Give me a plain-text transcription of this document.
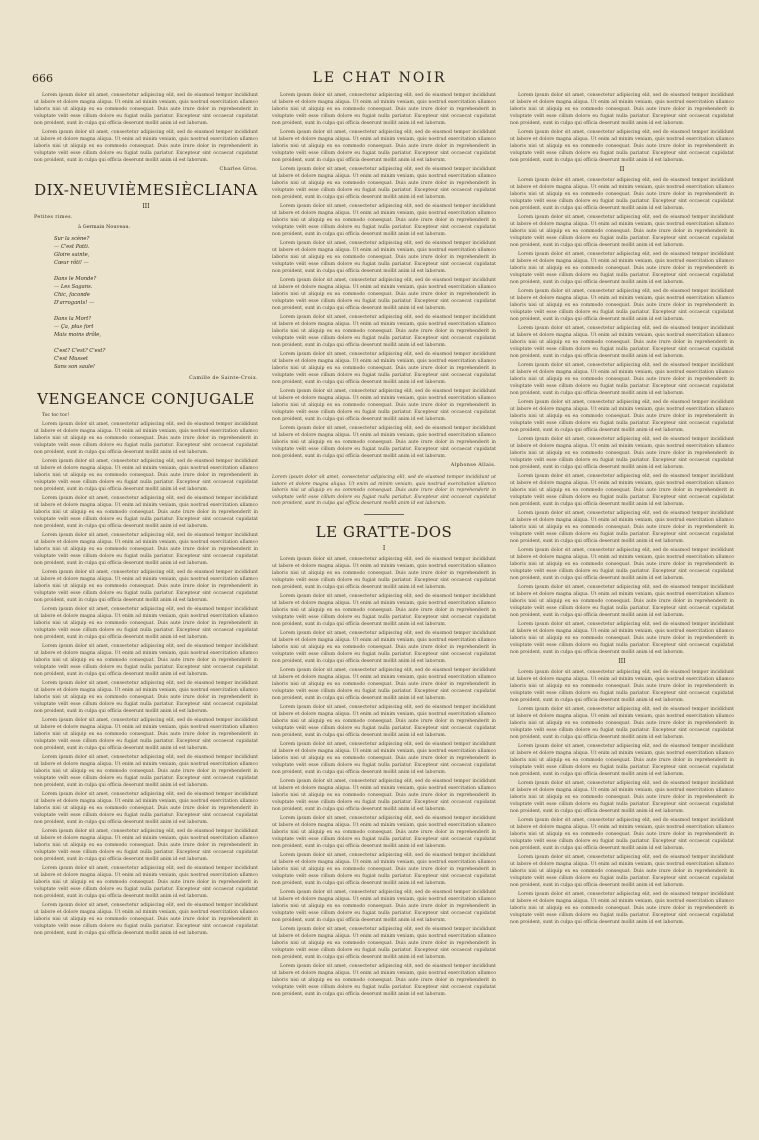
666	LE CHAT NOIR

Lorem ipsum dolor sit amet, consectetur adipiscing elit, sed do eiusmod tempor incididunt ut labore et dolore magna aliqua. Ut enim ad minim veniam, quis nostrud exercitation ullamco laboris nisi ut aliquip ex ea commodo consequat. Duis aute irure dolor in reprehenderit in voluptate velit esse cillum dolore eu fugiat nulla pariatur. Excepteur sint occaecat cupidatat non proident, sunt in culpa qui officia deserunt mollit anim id est laborum.

Lorem ipsum dolor sit amet, consectetur adipiscing elit, sed do eiusmod tempor incididunt ut labore et dolore magna aliqua. Ut enim ad minim veniam, quis nostrud exercitation ullamco laboris nisi ut aliquip ex ea commodo consequat. Duis aute irure dolor in reprehenderit in voluptate velit esse cillum dolore eu fugiat nulla pariatur. Excepteur sint occaecat cupidatat non proident, sunt in culpa qui officia deserunt mollit anim id est laborum.

Charles Gros.
DIX-NEUVIÈMESIÈCLIANA
III
Petites rimes.
à Germain Nouveau.
Sur la scène?
— C'est Patti.
Gloire sainte,
Cœur rôti! —

Dans le Monde?
— Les Sagans.
Chic, faconde
D'arrogants! —

Dans la Mort?
— Ça, plus fort
Mais moins drôle,

C'est? C'est? C'est?
C'est Musset
Sans son saule!
Camille de Sainte-Croix.
VENGEANCE CONJUGALE

Toc toc toc!

Lorem ipsum dolor sit amet, consectetur adipiscing elit, sed do eiusmod tempor incididunt ut labore et dolore magna aliqua. Ut enim ad minim veniam, quis nostrud exercitation ullamco laboris nisi ut aliquip ex ea commodo consequat. Duis aute irure dolor in reprehenderit in voluptate velit esse cillum dolore eu fugiat nulla pariatur. Excepteur sint occaecat cupidatat non proident, sunt in culpa qui officia deserunt mollit anim id est laborum.

Lorem ipsum dolor sit amet, consectetur adipiscing elit, sed do eiusmod tempor incididunt ut labore et dolore magna aliqua. Ut enim ad minim veniam, quis nostrud exercitation ullamco laboris nisi ut aliquip ex ea commodo consequat. Duis aute irure dolor in reprehenderit in voluptate velit esse cillum dolore eu fugiat nulla pariatur. Excepteur sint occaecat cupidatat non proident, sunt in culpa qui officia deserunt mollit anim id est laborum.

Lorem ipsum dolor sit amet, consectetur adipiscing elit, sed do eiusmod tempor incididunt ut labore et dolore magna aliqua. Ut enim ad minim veniam, quis nostrud exercitation ullamco laboris nisi ut aliquip ex ea commodo consequat. Duis aute irure dolor in reprehenderit in voluptate velit esse cillum dolore eu fugiat nulla pariatur. Excepteur sint occaecat cupidatat non proident, sunt in culpa qui officia deserunt mollit anim id est laborum.

Lorem ipsum dolor sit amet, consectetur adipiscing elit, sed do eiusmod tempor incididunt ut labore et dolore magna aliqua. Ut enim ad minim veniam, quis nostrud exercitation ullamco laboris nisi ut aliquip ex ea commodo consequat. Duis aute irure dolor in reprehenderit in voluptate velit esse cillum dolore eu fugiat nulla pariatur. Excepteur sint occaecat cupidatat non proident, sunt in culpa qui officia deserunt mollit anim id est laborum.

Lorem ipsum dolor sit amet, consectetur adipiscing elit, sed do eiusmod tempor incididunt ut labore et dolore magna aliqua. Ut enim ad minim veniam, quis nostrud exercitation ullamco laboris nisi ut aliquip ex ea commodo consequat. Duis aute irure dolor in reprehenderit in voluptate velit esse cillum dolore eu fugiat nulla pariatur. Excepteur sint occaecat cupidatat non proident, sunt in culpa qui officia deserunt mollit anim id est laborum.

Lorem ipsum dolor sit amet, consectetur adipiscing elit, sed do eiusmod tempor incididunt ut labore et dolore magna aliqua. Ut enim ad minim veniam, quis nostrud exercitation ullamco laboris nisi ut aliquip ex ea commodo consequat. Duis aute irure dolor in reprehenderit in voluptate velit esse cillum dolore eu fugiat nulla pariatur. Excepteur sint occaecat cupidatat non proident, sunt in culpa qui officia deserunt mollit anim id est laborum.

Lorem ipsum dolor sit amet, consectetur adipiscing elit, sed do eiusmod tempor incididunt ut labore et dolore magna aliqua. Ut enim ad minim veniam, quis nostrud exercitation ullamco laboris nisi ut aliquip ex ea commodo consequat. Duis aute irure dolor in reprehenderit in voluptate velit esse cillum dolore eu fugiat nulla pariatur. Excepteur sint occaecat cupidatat non proident, sunt in culpa qui officia deserunt mollit anim id est laborum.

Lorem ipsum dolor sit amet, consectetur adipiscing elit, sed do eiusmod tempor incididunt ut labore et dolore magna aliqua. Ut enim ad minim veniam, quis nostrud exercitation ullamco laboris nisi ut aliquip ex ea commodo consequat. Duis aute irure dolor in reprehenderit in voluptate velit esse cillum dolore eu fugiat nulla pariatur. Excepteur sint occaecat cupidatat non proident, sunt in culpa qui officia deserunt mollit anim id est laborum.

Lorem ipsum dolor sit amet, consectetur adipiscing elit, sed do eiusmod tempor incididunt ut labore et dolore magna aliqua. Ut enim ad minim veniam, quis nostrud exercitation ullamco laboris nisi ut aliquip ex ea commodo consequat. Duis aute irure dolor in reprehenderit in voluptate velit esse cillum dolore eu fugiat nulla pariatur. Excepteur sint occaecat cupidatat non proident, sunt in culpa qui officia deserunt mollit anim id est laborum.

Lorem ipsum dolor sit amet, consectetur adipiscing elit, sed do eiusmod tempor incididunt ut labore et dolore magna aliqua. Ut enim ad minim veniam, quis nostrud exercitation ullamco laboris nisi ut aliquip ex ea commodo consequat. Duis aute irure dolor in reprehenderit in voluptate velit esse cillum dolore eu fugiat nulla pariatur. Excepteur sint occaecat cupidatat non proident, sunt in culpa qui officia deserunt mollit anim id est laborum.

Lorem ipsum dolor sit amet, consectetur adipiscing elit, sed do eiusmod tempor incididunt ut labore et dolore magna aliqua. Ut enim ad minim veniam, quis nostrud exercitation ullamco laboris nisi ut aliquip ex ea commodo consequat. Duis aute irure dolor in reprehenderit in voluptate velit esse cillum dolore eu fugiat nulla pariatur. Excepteur sint occaecat cupidatat non proident, sunt in culpa qui officia deserunt mollit anim id est laborum.

Lorem ipsum dolor sit amet, consectetur adipiscing elit, sed do eiusmod tempor incididunt ut labore et dolore magna aliqua. Ut enim ad minim veniam, quis nostrud exercitation ullamco laboris nisi ut aliquip ex ea commodo consequat. Duis aute irure dolor in reprehenderit in voluptate velit esse cillum dolore eu fugiat nulla pariatur. Excepteur sint occaecat cupidatat non proident, sunt in culpa qui officia deserunt mollit anim id est laborum.

Lorem ipsum dolor sit amet, consectetur adipiscing elit, sed do eiusmod tempor incididunt ut labore et dolore magna aliqua. Ut enim ad minim veniam, quis nostrud exercitation ullamco laboris nisi ut aliquip ex ea commodo consequat. Duis aute irure dolor in reprehenderit in voluptate velit esse cillum dolore eu fugiat nulla pariatur. Excepteur sint occaecat cupidatat non proident, sunt in culpa qui officia deserunt mollit anim id est laborum.

Lorem ipsum dolor sit amet, consectetur adipiscing elit, sed do eiusmod tempor incididunt ut labore et dolore magna aliqua. Ut enim ad minim veniam, quis nostrud exercitation ullamco laboris nisi ut aliquip ex ea commodo consequat. Duis aute irure dolor in reprehenderit in voluptate velit esse cillum dolore eu fugiat nulla pariatur. Excepteur sint occaecat cupidatat non proident, sunt in culpa qui officia deserunt mollit anim id est laborum.

Lorem ipsum dolor sit amet, consectetur adipiscing elit, sed do eiusmod tempor incididunt ut labore et dolore magna aliqua. Ut enim ad minim veniam, quis nostrud exercitation ullamco laboris nisi ut aliquip ex ea commodo consequat. Duis aute irure dolor in reprehenderit in voluptate velit esse cillum dolore eu fugiat nulla pariatur. Excepteur sint occaecat cupidatat non proident, sunt in culpa qui officia deserunt mollit anim id est laborum.

Lorem ipsum dolor sit amet, consectetur adipiscing elit, sed do eiusmod tempor incididunt ut labore et dolore magna aliqua. Ut enim ad minim veniam, quis nostrud exercitation ullamco laboris nisi ut aliquip ex ea commodo consequat. Duis aute irure dolor in reprehenderit in voluptate velit esse cillum dolore eu fugiat nulla pariatur. Excepteur sint occaecat cupidatat non proident, sunt in culpa qui officia deserunt mollit anim id est laborum.

Lorem ipsum dolor sit amet, consectetur adipiscing elit, sed do eiusmod tempor incididunt ut labore et dolore magna aliqua. Ut enim ad minim veniam, quis nostrud exercitation ullamco laboris nisi ut aliquip ex ea commodo consequat. Duis aute irure dolor in reprehenderit in voluptate velit esse cillum dolore eu fugiat nulla pariatur. Excepteur sint occaecat cupidatat non proident, sunt in culpa qui officia deserunt mollit anim id est laborum.

Lorem ipsum dolor sit amet, consectetur adipiscing elit, sed do eiusmod tempor incididunt ut labore et dolore magna aliqua. Ut enim ad minim veniam, quis nostrud exercitation ullamco laboris nisi ut aliquip ex ea commodo consequat. Duis aute irure dolor in reprehenderit in voluptate velit esse cillum dolore eu fugiat nulla pariatur. Excepteur sint occaecat cupidatat non proident, sunt in culpa qui officia deserunt mollit anim id est laborum.

Lorem ipsum dolor sit amet, consectetur adipiscing elit, sed do eiusmod tempor incididunt ut labore et dolore magna aliqua. Ut enim ad minim veniam, quis nostrud exercitation ullamco laboris nisi ut aliquip ex ea commodo consequat. Duis aute irure dolor in reprehenderit in voluptate velit esse cillum dolore eu fugiat nulla pariatur. Excepteur sint occaecat cupidatat non proident, sunt in culpa qui officia deserunt mollit anim id est laborum.

Lorem ipsum dolor sit amet, consectetur adipiscing elit, sed do eiusmod tempor incididunt ut labore et dolore magna aliqua. Ut enim ad minim veniam, quis nostrud exercitation ullamco laboris nisi ut aliquip ex ea commodo consequat. Duis aute irure dolor in reprehenderit in voluptate velit esse cillum dolore eu fugiat nulla pariatur. Excepteur sint occaecat cupidatat non proident, sunt in culpa qui officia deserunt mollit anim id est laborum.

Lorem ipsum dolor sit amet, consectetur adipiscing elit, sed do eiusmod tempor incididunt ut labore et dolore magna aliqua. Ut enim ad minim veniam, quis nostrud exercitation ullamco laboris nisi ut aliquip ex ea commodo consequat. Duis aute irure dolor in reprehenderit in voluptate velit esse cillum dolore eu fugiat nulla pariatur. Excepteur sint occaecat cupidatat non proident, sunt in culpa qui officia deserunt mollit anim id est laborum.

Lorem ipsum dolor sit amet, consectetur adipiscing elit, sed do eiusmod tempor incididunt ut labore et dolore magna aliqua. Ut enim ad minim veniam, quis nostrud exercitation ullamco laboris nisi ut aliquip ex ea commodo consequat. Duis aute irure dolor in reprehenderit in voluptate velit esse cillum dolore eu fugiat nulla pariatur. Excepteur sint occaecat cupidatat non proident, sunt in culpa qui officia deserunt mollit anim id est laborum.

Lorem ipsum dolor sit amet, consectetur adipiscing elit, sed do eiusmod tempor incididunt ut labore et dolore magna aliqua. Ut enim ad minim veniam, quis nostrud exercitation ullamco laboris nisi ut aliquip ex ea commodo consequat. Duis aute irure dolor in reprehenderit in voluptate velit esse cillum dolore eu fugiat nulla pariatur. Excepteur sint occaecat cupidatat non proident, sunt in culpa qui officia deserunt mollit anim id est laborum.

Lorem ipsum dolor sit amet, consectetur adipiscing elit, sed do eiusmod tempor incididunt ut labore et dolore magna aliqua. Ut enim ad minim veniam, quis nostrud exercitation ullamco laboris nisi ut aliquip ex ea commodo consequat. Duis aute irure dolor in reprehenderit in voluptate velit esse cillum dolore eu fugiat nulla pariatur. Excepteur sint occaecat cupidatat non proident, sunt in culpa qui officia deserunt mollit anim id est laborum.

Alphonse Allais.
Lorem ipsum dolor sit amet, consectetur adipiscing elit, sed do eiusmod tempor incididunt ut labore et dolore magna aliqua. Ut enim ad minim veniam, quis nostrud exercitation ullamco laboris nisi ut aliquip ex ea commodo consequat. Duis aute irure dolor in reprehenderit in voluptate velit esse cillum dolore eu fugiat nulla pariatur. Excepteur sint occaecat cupidatat non proident, sunt in culpa qui officia deserunt mollit anim id est laborum.
LE GRATTE-DOS
I

Lorem ipsum dolor sit amet, consectetur adipiscing elit, sed do eiusmod tempor incididunt ut labore et dolore magna aliqua. Ut enim ad minim veniam, quis nostrud exercitation ullamco laboris nisi ut aliquip ex ea commodo consequat. Duis aute irure dolor in reprehenderit in voluptate velit esse cillum dolore eu fugiat nulla pariatur. Excepteur sint occaecat cupidatat non proident, sunt in culpa qui officia deserunt mollit anim id est laborum.

Lorem ipsum dolor sit amet, consectetur adipiscing elit, sed do eiusmod tempor incididunt ut labore et dolore magna aliqua. Ut enim ad minim veniam, quis nostrud exercitation ullamco laboris nisi ut aliquip ex ea commodo consequat. Duis aute irure dolor in reprehenderit in voluptate velit esse cillum dolore eu fugiat nulla pariatur. Excepteur sint occaecat cupidatat non proident, sunt in culpa qui officia deserunt mollit anim id est laborum.

Lorem ipsum dolor sit amet, consectetur adipiscing elit, sed do eiusmod tempor incididunt ut labore et dolore magna aliqua. Ut enim ad minim veniam, quis nostrud exercitation ullamco laboris nisi ut aliquip ex ea commodo consequat. Duis aute irure dolor in reprehenderit in voluptate velit esse cillum dolore eu fugiat nulla pariatur. Excepteur sint occaecat cupidatat non proident, sunt in culpa qui officia deserunt mollit anim id est laborum.

Lorem ipsum dolor sit amet, consectetur adipiscing elit, sed do eiusmod tempor incididunt ut labore et dolore magna aliqua. Ut enim ad minim veniam, quis nostrud exercitation ullamco laboris nisi ut aliquip ex ea commodo consequat. Duis aute irure dolor in reprehenderit in voluptate velit esse cillum dolore eu fugiat nulla pariatur. Excepteur sint occaecat cupidatat non proident, sunt in culpa qui officia deserunt mollit anim id est laborum.

Lorem ipsum dolor sit amet, consectetur adipiscing elit, sed do eiusmod tempor incididunt ut labore et dolore magna aliqua. Ut enim ad minim veniam, quis nostrud exercitation ullamco laboris nisi ut aliquip ex ea commodo consequat. Duis aute irure dolor in reprehenderit in voluptate velit esse cillum dolore eu fugiat nulla pariatur. Excepteur sint occaecat cupidatat non proident, sunt in culpa qui officia deserunt mollit anim id est laborum.

Lorem ipsum dolor sit amet, consectetur adipiscing elit, sed do eiusmod tempor incididunt ut labore et dolore magna aliqua. Ut enim ad minim veniam, quis nostrud exercitation ullamco laboris nisi ut aliquip ex ea commodo consequat. Duis aute irure dolor in reprehenderit in voluptate velit esse cillum dolore eu fugiat nulla pariatur. Excepteur sint occaecat cupidatat non proident, sunt in culpa qui officia deserunt mollit anim id est laborum.

Lorem ipsum dolor sit amet, consectetur adipiscing elit, sed do eiusmod tempor incididunt ut labore et dolore magna aliqua. Ut enim ad minim veniam, quis nostrud exercitation ullamco laboris nisi ut aliquip ex ea commodo consequat. Duis aute irure dolor in reprehenderit in voluptate velit esse cillum dolore eu fugiat nulla pariatur. Excepteur sint occaecat cupidatat non proident, sunt in culpa qui officia deserunt mollit anim id est laborum.

Lorem ipsum dolor sit amet, consectetur adipiscing elit, sed do eiusmod tempor incididunt ut labore et dolore magna aliqua. Ut enim ad minim veniam, quis nostrud exercitation ullamco laboris nisi ut aliquip ex ea commodo consequat. Duis aute irure dolor in reprehenderit in voluptate velit esse cillum dolore eu fugiat nulla pariatur. Excepteur sint occaecat cupidatat non proident, sunt in culpa qui officia deserunt mollit anim id est laborum.

Lorem ipsum dolor sit amet, consectetur adipiscing elit, sed do eiusmod tempor incididunt ut labore et dolore magna aliqua. Ut enim ad minim veniam, quis nostrud exercitation ullamco laboris nisi ut aliquip ex ea commodo consequat. Duis aute irure dolor in reprehenderit in voluptate velit esse cillum dolore eu fugiat nulla pariatur. Excepteur sint occaecat cupidatat non proident, sunt in culpa qui officia deserunt mollit anim id est laborum.

Lorem ipsum dolor sit amet, consectetur adipiscing elit, sed do eiusmod tempor incididunt ut labore et dolore magna aliqua. Ut enim ad minim veniam, quis nostrud exercitation ullamco laboris nisi ut aliquip ex ea commodo consequat. Duis aute irure dolor in reprehenderit in voluptate velit esse cillum dolore eu fugiat nulla pariatur. Excepteur sint occaecat cupidatat non proident, sunt in culpa qui officia deserunt mollit anim id est laborum.

Lorem ipsum dolor sit amet, consectetur adipiscing elit, sed do eiusmod tempor incididunt ut labore et dolore magna aliqua. Ut enim ad minim veniam, quis nostrud exercitation ullamco laboris nisi ut aliquip ex ea commodo consequat. Duis aute irure dolor in reprehenderit in voluptate velit esse cillum dolore eu fugiat nulla pariatur. Excepteur sint occaecat cupidatat non proident, sunt in culpa qui officia deserunt mollit anim id est laborum.

Lorem ipsum dolor sit amet, consectetur adipiscing elit, sed do eiusmod tempor incididunt ut labore et dolore magna aliqua. Ut enim ad minim veniam, quis nostrud exercitation ullamco laboris nisi ut aliquip ex ea commodo consequat. Duis aute irure dolor in reprehenderit in voluptate velit esse cillum dolore eu fugiat nulla pariatur. Excepteur sint occaecat cupidatat non proident, sunt in culpa qui officia deserunt mollit anim id est laborum.

Lorem ipsum dolor sit amet, consectetur adipiscing elit, sed do eiusmod tempor incididunt ut labore et dolore magna aliqua. Ut enim ad minim veniam, quis nostrud exercitation ullamco laboris nisi ut aliquip ex ea commodo consequat. Duis aute irure dolor in reprehenderit in voluptate velit esse cillum dolore eu fugiat nulla pariatur. Excepteur sint occaecat cupidatat non proident, sunt in culpa qui officia deserunt mollit anim id est laborum.

Lorem ipsum dolor sit amet, consectetur adipiscing elit, sed do eiusmod tempor incididunt ut labore et dolore magna aliqua. Ut enim ad minim veniam, quis nostrud exercitation ullamco laboris nisi ut aliquip ex ea commodo consequat. Duis aute irure dolor in reprehenderit in voluptate velit esse cillum dolore eu fugiat nulla pariatur. Excepteur sint occaecat cupidatat non proident, sunt in culpa qui officia deserunt mollit anim id est laborum.

II

Lorem ipsum dolor sit amet, consectetur adipiscing elit, sed do eiusmod tempor incididunt ut labore et dolore magna aliqua. Ut enim ad minim veniam, quis nostrud exercitation ullamco laboris nisi ut aliquip ex ea commodo consequat. Duis aute irure dolor in reprehenderit in voluptate velit esse cillum dolore eu fugiat nulla pariatur. Excepteur sint occaecat cupidatat non proident, sunt in culpa qui officia deserunt mollit anim id est laborum.

Lorem ipsum dolor sit amet, consectetur adipiscing elit, sed do eiusmod tempor incididunt ut labore et dolore magna aliqua. Ut enim ad minim veniam, quis nostrud exercitation ullamco laboris nisi ut aliquip ex ea commodo consequat. Duis aute irure dolor in reprehenderit in voluptate velit esse cillum dolore eu fugiat nulla pariatur. Excepteur sint occaecat cupidatat non proident, sunt in culpa qui officia deserunt mollit anim id est laborum.

Lorem ipsum dolor sit amet, consectetur adipiscing elit, sed do eiusmod tempor incididunt ut labore et dolore magna aliqua. Ut enim ad minim veniam, quis nostrud exercitation ullamco laboris nisi ut aliquip ex ea commodo consequat. Duis aute irure dolor in reprehenderit in voluptate velit esse cillum dolore eu fugiat nulla pariatur. Excepteur sint occaecat cupidatat non proident, sunt in culpa qui officia deserunt mollit anim id est laborum.

Lorem ipsum dolor sit amet, consectetur adipiscing elit, sed do eiusmod tempor incididunt ut labore et dolore magna aliqua. Ut enim ad minim veniam, quis nostrud exercitation ullamco laboris nisi ut aliquip ex ea commodo consequat. Duis aute irure dolor in reprehenderit in voluptate velit esse cillum dolore eu fugiat nulla pariatur. Excepteur sint occaecat cupidatat non proident, sunt in culpa qui officia deserunt mollit anim id est laborum.

Lorem ipsum dolor sit amet, consectetur adipiscing elit, sed do eiusmod tempor incididunt ut labore et dolore magna aliqua. Ut enim ad minim veniam, quis nostrud exercitation ullamco laboris nisi ut aliquip ex ea commodo consequat. Duis aute irure dolor in reprehenderit in voluptate velit esse cillum dolore eu fugiat nulla pariatur. Excepteur sint occaecat cupidatat non proident, sunt in culpa qui officia deserunt mollit anim id est laborum.

Lorem ipsum dolor sit amet, consectetur adipiscing elit, sed do eiusmod tempor incididunt ut labore et dolore magna aliqua. Ut enim ad minim veniam, quis nostrud exercitation ullamco laboris nisi ut aliquip ex ea commodo consequat. Duis aute irure dolor in reprehenderit in voluptate velit esse cillum dolore eu fugiat nulla pariatur. Excepteur sint occaecat cupidatat non proident, sunt in culpa qui officia deserunt mollit anim id est laborum.

Lorem ipsum dolor sit amet, consectetur adipiscing elit, sed do eiusmod tempor incididunt ut labore et dolore magna aliqua. Ut enim ad minim veniam, quis nostrud exercitation ullamco laboris nisi ut aliquip ex ea commodo consequat. Duis aute irure dolor in reprehenderit in voluptate velit esse cillum dolore eu fugiat nulla pariatur. Excepteur sint occaecat cupidatat non proident, sunt in culpa qui officia deserunt mollit anim id est laborum.

Lorem ipsum dolor sit amet, consectetur adipiscing elit, sed do eiusmod tempor incididunt ut labore et dolore magna aliqua. Ut enim ad minim veniam, quis nostrud exercitation ullamco laboris nisi ut aliquip ex ea commodo consequat. Duis aute irure dolor in reprehenderit in voluptate velit esse cillum dolore eu fugiat nulla pariatur. Excepteur sint occaecat cupidatat non proident, sunt in culpa qui officia deserunt mollit anim id est laborum.

Lorem ipsum dolor sit amet, consectetur adipiscing elit, sed do eiusmod tempor incididunt ut labore et dolore magna aliqua. Ut enim ad minim veniam, quis nostrud exercitation ullamco laboris nisi ut aliquip ex ea commodo consequat. Duis aute irure dolor in reprehenderit in voluptate velit esse cillum dolore eu fugiat nulla pariatur. Excepteur sint occaecat cupidatat non proident, sunt in culpa qui officia deserunt mollit anim id est laborum.

Lorem ipsum dolor sit amet, consectetur adipiscing elit, sed do eiusmod tempor incididunt ut labore et dolore magna aliqua. Ut enim ad minim veniam, quis nostrud exercitation ullamco laboris nisi ut aliquip ex ea commodo consequat. Duis aute irure dolor in reprehenderit in voluptate velit esse cillum dolore eu fugiat nulla pariatur. Excepteur sint occaecat cupidatat non proident, sunt in culpa qui officia deserunt mollit anim id est laborum.

Lorem ipsum dolor sit amet, consectetur adipiscing elit, sed do eiusmod tempor incididunt ut labore et dolore magna aliqua. Ut enim ad minim veniam, quis nostrud exercitation ullamco laboris nisi ut aliquip ex ea commodo consequat. Duis aute irure dolor in reprehenderit in voluptate velit esse cillum dolore eu fugiat nulla pariatur. Excepteur sint occaecat cupidatat non proident, sunt in culpa qui officia deserunt mollit anim id est laborum.

Lorem ipsum dolor sit amet, consectetur adipiscing elit, sed do eiusmod tempor incididunt ut labore et dolore magna aliqua. Ut enim ad minim veniam, quis nostrud exercitation ullamco laboris nisi ut aliquip ex ea commodo consequat. Duis aute irure dolor in reprehenderit in voluptate velit esse cillum dolore eu fugiat nulla pariatur. Excepteur sint occaecat cupidatat non proident, sunt in culpa qui officia deserunt mollit anim id est laborum.

Lorem ipsum dolor sit amet, consectetur adipiscing elit, sed do eiusmod tempor incididunt ut labore et dolore magna aliqua. Ut enim ad minim veniam, quis nostrud exercitation ullamco laboris nisi ut aliquip ex ea commodo consequat. Duis aute irure dolor in reprehenderit in voluptate velit esse cillum dolore eu fugiat nulla pariatur. Excepteur sint occaecat cupidatat non proident, sunt in culpa qui officia deserunt mollit anim id est laborum.

III

Lorem ipsum dolor sit amet, consectetur adipiscing elit, sed do eiusmod tempor incididunt ut labore et dolore magna aliqua. Ut enim ad minim veniam, quis nostrud exercitation ullamco laboris nisi ut aliquip ex ea commodo consequat. Duis aute irure dolor in reprehenderit in voluptate velit esse cillum dolore eu fugiat nulla pariatur. Excepteur sint occaecat cupidatat non proident, sunt in culpa qui officia deserunt mollit anim id est laborum.

Lorem ipsum dolor sit amet, consectetur adipiscing elit, sed do eiusmod tempor incididunt ut labore et dolore magna aliqua. Ut enim ad minim veniam, quis nostrud exercitation ullamco laboris nisi ut aliquip ex ea commodo consequat. Duis aute irure dolor in reprehenderit in voluptate velit esse cillum dolore eu fugiat nulla pariatur. Excepteur sint occaecat cupidatat non proident, sunt in culpa qui officia deserunt mollit anim id est laborum.

Lorem ipsum dolor sit amet, consectetur adipiscing elit, sed do eiusmod tempor incididunt ut labore et dolore magna aliqua. Ut enim ad minim veniam, quis nostrud exercitation ullamco laboris nisi ut aliquip ex ea commodo consequat. Duis aute irure dolor in reprehenderit in voluptate velit esse cillum dolore eu fugiat nulla pariatur. Excepteur sint occaecat cupidatat non proident, sunt in culpa qui officia deserunt mollit anim id est laborum.

Lorem ipsum dolor sit amet, consectetur adipiscing elit, sed do eiusmod tempor incididunt ut labore et dolore magna aliqua. Ut enim ad minim veniam, quis nostrud exercitation ullamco laboris nisi ut aliquip ex ea commodo consequat. Duis aute irure dolor in reprehenderit in voluptate velit esse cillum dolore eu fugiat nulla pariatur. Excepteur sint occaecat cupidatat non proident, sunt in culpa qui officia deserunt mollit anim id est laborum.

Lorem ipsum dolor sit amet, consectetur adipiscing elit, sed do eiusmod tempor incididunt ut labore et dolore magna aliqua. Ut enim ad minim veniam, quis nostrud exercitation ullamco laboris nisi ut aliquip ex ea commodo consequat. Duis aute irure dolor in reprehenderit in voluptate velit esse cillum dolore eu fugiat nulla pariatur. Excepteur sint occaecat cupidatat non proident, sunt in culpa qui officia deserunt mollit anim id est laborum.

Lorem ipsum dolor sit amet, consectetur adipiscing elit, sed do eiusmod tempor incididunt ut labore et dolore magna aliqua. Ut enim ad minim veniam, quis nostrud exercitation ullamco laboris nisi ut aliquip ex ea commodo consequat. Duis aute irure dolor in reprehenderit in voluptate velit esse cillum dolore eu fugiat nulla pariatur. Excepteur sint occaecat cupidatat non proident, sunt in culpa qui officia deserunt mollit anim id est laborum.

Lorem ipsum dolor sit amet, consectetur adipiscing elit, sed do eiusmod tempor incididunt ut labore et dolore magna aliqua. Ut enim ad minim veniam, quis nostrud exercitation ullamco laboris nisi ut aliquip ex ea commodo consequat. Duis aute irure dolor in reprehenderit in voluptate velit esse cillum dolore eu fugiat nulla pariatur. Excepteur sint occaecat cupidatat non proident, sunt in culpa qui officia deserunt mollit anim id est laborum.
